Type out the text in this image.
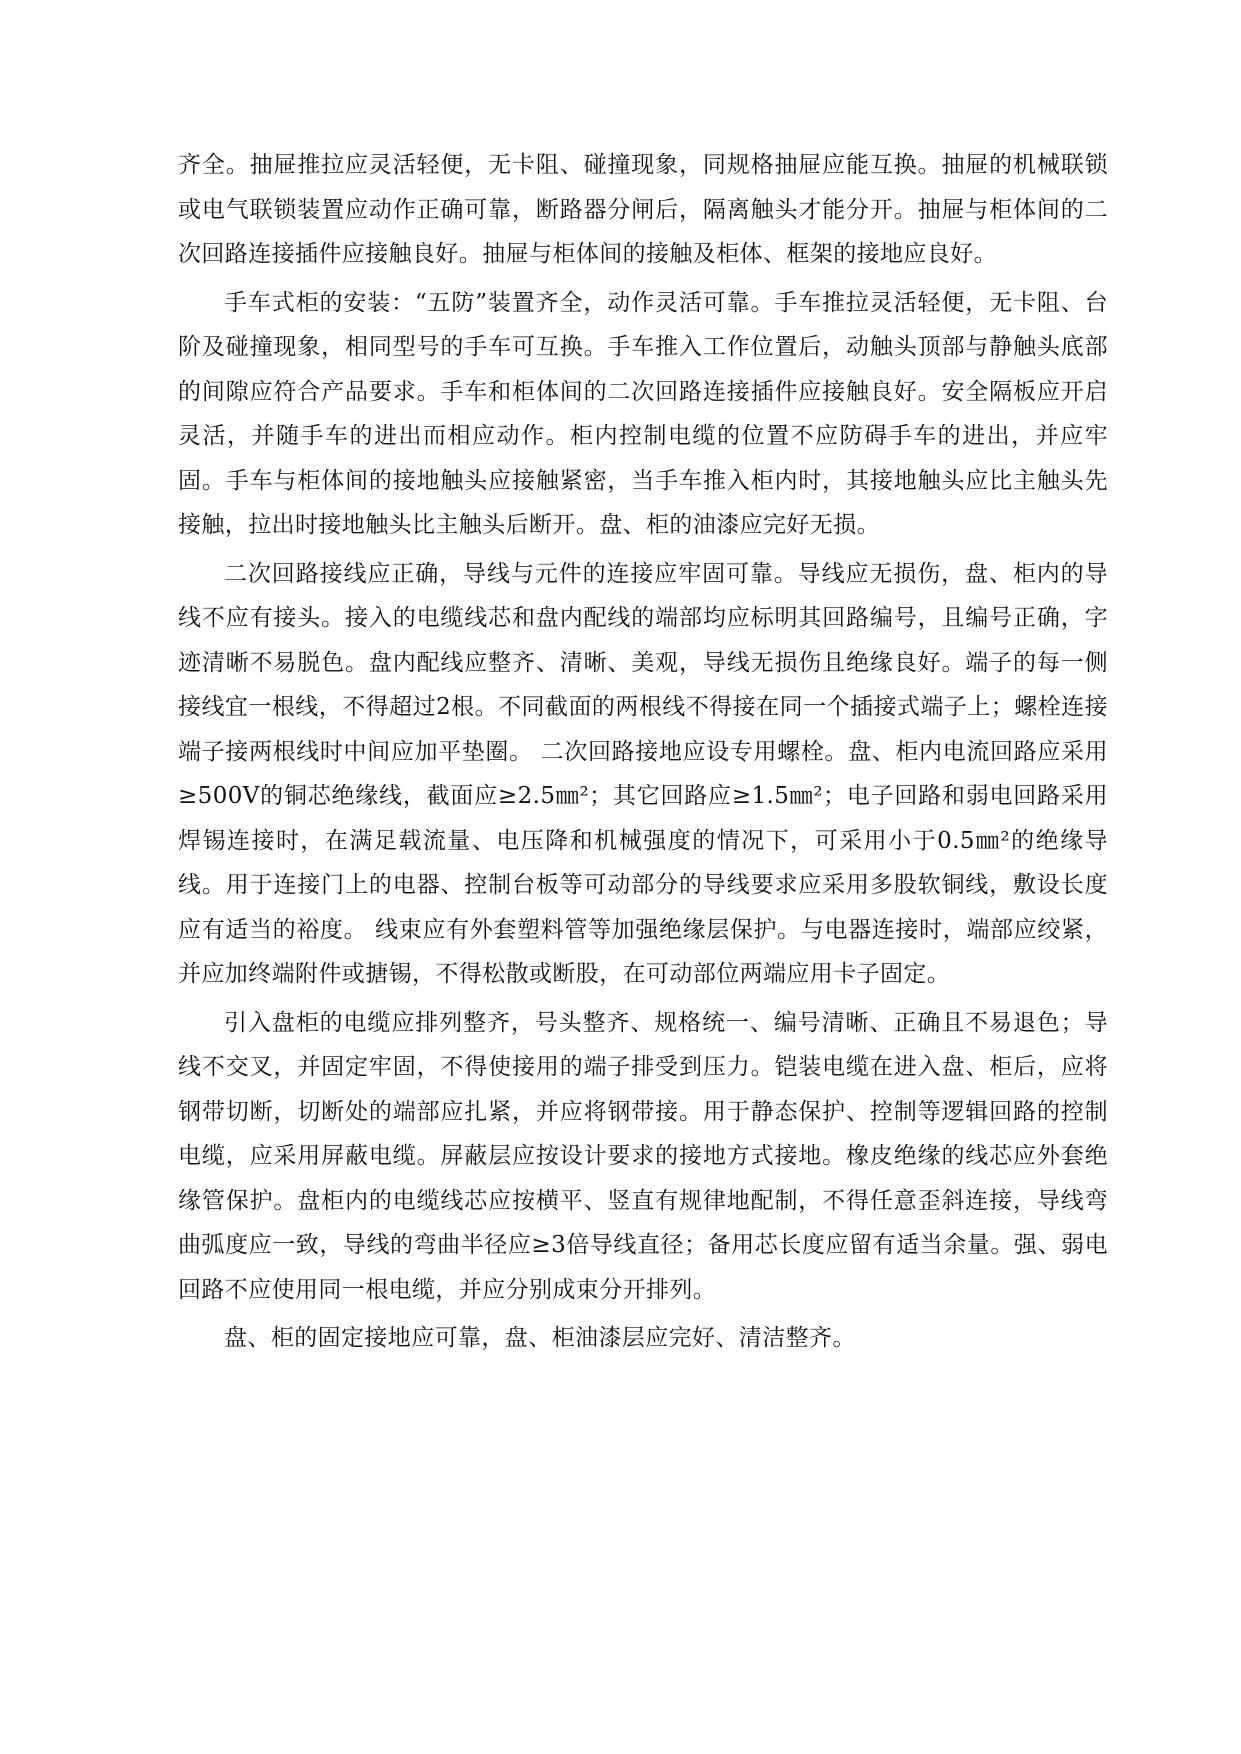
齐全。抽屉推拉应灵活轻便，无卡阻、碰撞现象，同规格抽屉应能互换。抽屉的机械联锁或电气联锁装置应动作正确可靠，断路器分闸后，隔离触头才能分开。抽屉与柜体间的二次回路连接插件应接触良好。抽屉与柜体间的接触及柜体、框架的接地应良好。

手车式柜的安装：“五防”装置齐全，动作灵活可靠。手车推拉灵活轻便，无卡阻、台阶及碰撞现象，相同型号的手车可互换。手车推入工作位置后，动触头顶部与静触头底部的间隙应符合产品要求。手车和柜体间的二次回路连接插件应接触良好。安全隔板应开启灵活，并随手车的进出而相应动作。柜内控制电缆的位置不应防碍手车的进出，并应牢固。手车与柜体间的接地触头应接触紧密，当手车推入柜内时，其接地触头应比主触头先接触，拉出时接地触头比主触头后断开。盘、柜的油漆应完好无损。

二次回路接线应正确，导线与元件的连接应牢固可靠。导线应无损伤，盘、柜内的导线不应有接头。接入的电缆线芯和盘内配线的端部均应标明其回路编号，且编号正确，字迹清晰不易脱色。盘内配线应整齐、清晰、美观，导线无损伤且绝缘良好。端子的每一侧接线宜一根线，不得超过2根。不同截面的两根线不得接在同一个插接式端子上；螺栓连接端子接两根线时中间应加平垫圈。 二次回路接地应设专用螺栓。盘、柜内电流回路应采用≥500V的铜芯绝缘线，截面应≥2.5㎜²；其它回路应≥1.5㎜²；电子回路和弱电回路采用焊锡连接时，在满足载流量、电压降和机械强度的情况下，可采用小于0.5㎜²的绝缘导线。用于连接门上的电器、控制台板等可动部分的导线要求应采用多股软铜线，敷设长度应有适当的裕度。 线束应有外套塑料管等加强绝缘层保护。与电器连接时，端部应绞紧，并应加终端附件或搪锡，不得松散或断股，在可动部位两端应用卡子固定。

引入盘柜的电缆应排列整齐，号头整齐、规格统一、编号清晰、正确且不易退色；导线不交叉，并固定牢固，不得使接用的端子排受到压力。铠装电缆在进入盘、柜后，应将钢带切断，切断处的端部应扎紧，并应将钢带接。用于静态保护、控制等逻辑回路的控制电缆，应采用屏蔽电缆。屏蔽层应按设计要求的接地方式接地。橡皮绝缘的线芯应外套绝缘管保护。盘柜内的电缆线芯应按横平、竖直有规律地配制，不得任意歪斜连接，导线弯曲弧度应一致，导线的弯曲半径应≥3倍导线直径；备用芯长度应留有适当余量。强、弱电回路不应使用同一根电缆，并应分别成束分开排列。

盘、柜的固定接地应可靠，盘、柜油漆层应完好、清洁整齐。
